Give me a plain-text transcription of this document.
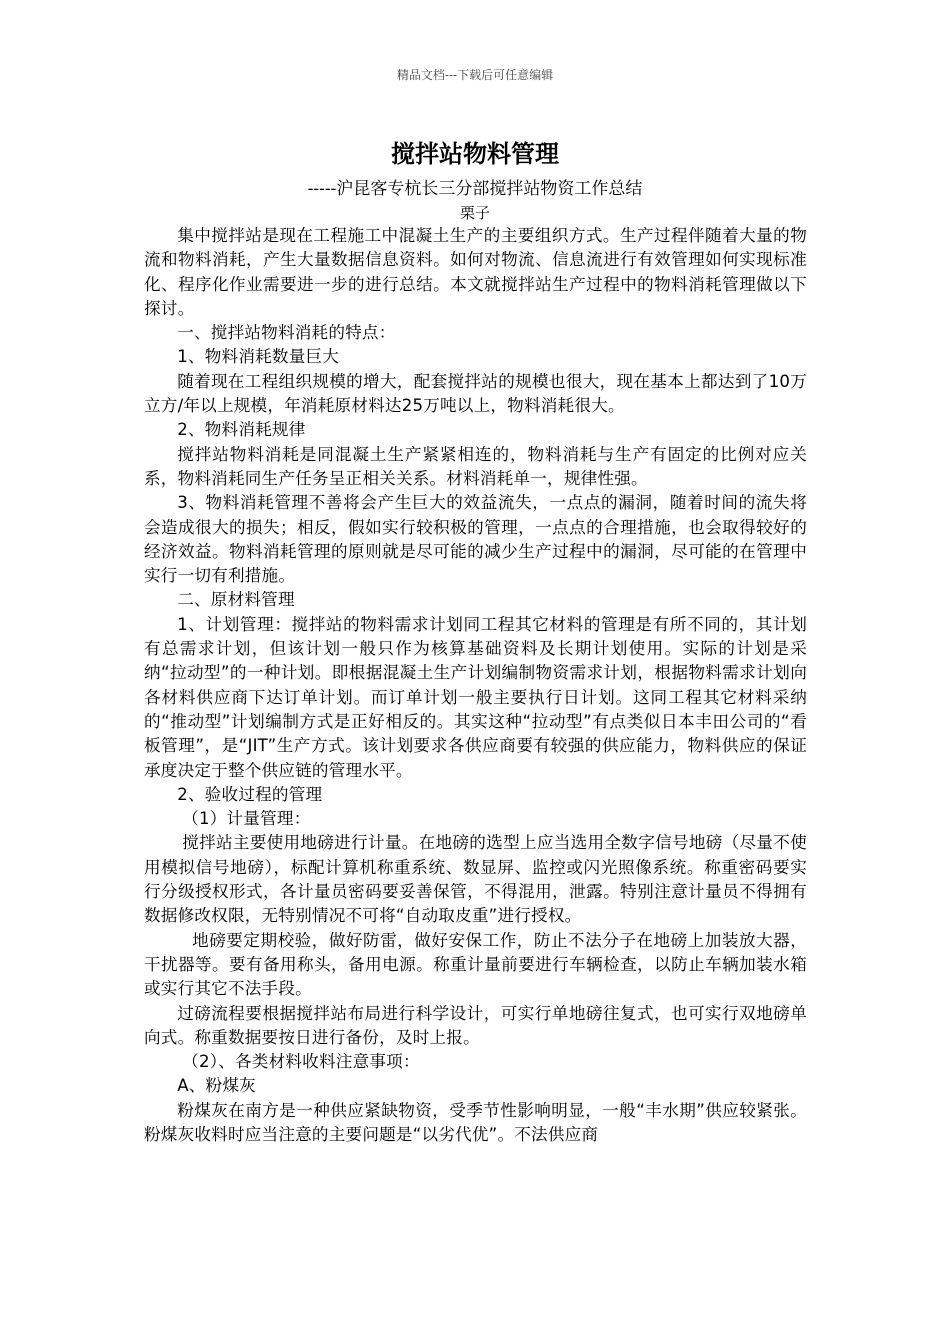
精品文档---下载后可任意编辑
搅拌站物料管理
-----沪昆客专杭长三分部搅拌站物资工作总结
栗子

集中搅拌站是现在工程施工中混凝土生产的主要组织方式。生产过程伴随着大量的物流和物料消耗，产生大量数据信息资料。如何对物流、信息流进行有效管理如何实现标准化、程序化作业需要进一步的进行总结。本文就搅拌站生产过程中的物料消耗管理做以下探讨。

一、搅拌站物料消耗的特点：

1、物料消耗数量巨大

随着现在工程组织规模的增大，配套搅拌站的规模也很大，现在基本上都达到了10万立方/年以上规模，年消耗原材料达25万吨以上，物料消耗很大。

2、物料消耗规律

搅拌站物料消耗是同混凝土生产紧紧相连的，物料消耗与生产有固定的比例对应关系，物料消耗同生产任务呈正相关关系。材料消耗单一，规律性强。

3、物料消耗管理不善将会产生巨大的效益流失，一点点的漏洞，随着时间的流失将会造成很大的损失；相反，假如实行较积极的管理，一点点的合理措施，也会取得较好的经济效益。物料消耗管理的原则就是尽可能的减少生产过程中的漏洞，尽可能的在管理中实行一切有利措施。

二、原材料管理

1、计划管理：搅拌站的物料需求计划同工程其它材料的管理是有所不同的，其计划有总需求计划，但该计划一般只作为核算基础资料及长期计划使用。实际的计划是采纳“拉动型”的一种计划。即根据混凝土生产计划编制物资需求计划，根据物料需求计划向各材料供应商下达订单计划。而订单计划一般主要执行日计划。这同工程其它材料采纳的“推动型”计划编制方式是正好相反的。其实这种“拉动型”有点类似日本丰田公司的“看板管理”，是“JIT”生产方式。该计划要求各供应商要有较强的供应能力，物料供应的保证承度决定于整个供应链的管理水平。

2、验收过程的管理

（1）计量管理：

搅拌站主要使用地磅进行计量。在地磅的选型上应当选用全数字信号地磅（尽量不使用模拟信号地磅），标配计算机称重系统、数显屏、监控或闪光照像系统。称重密码要实行分级授权形式，各计量员密码要妥善保管，不得混用，泄露。特别注意计量员不得拥有数据修改权限，无特别情况不可将“自动取皮重”进行授权。

地磅要定期校验，做好防雷，做好安保工作，防止不法分子在地磅上加装放大器，干扰器等。要有备用称头，备用电源。称重计量前要进行车辆检查，以防止车辆加装水箱或实行其它不法手段。

过磅流程要根据搅拌站布局进行科学设计，可实行单地磅往复式，也可实行双地磅单向式。称重数据要按日进行备份，及时上报。

（2）、各类材料收料注意事项：

A、粉煤灰

粉煤灰在南方是一种供应紧缺物资，受季节性影响明显，一般“丰水期”供应较紧张。粉煤灰收料时应当注意的主要问题是“以劣代优”。不法供应商
